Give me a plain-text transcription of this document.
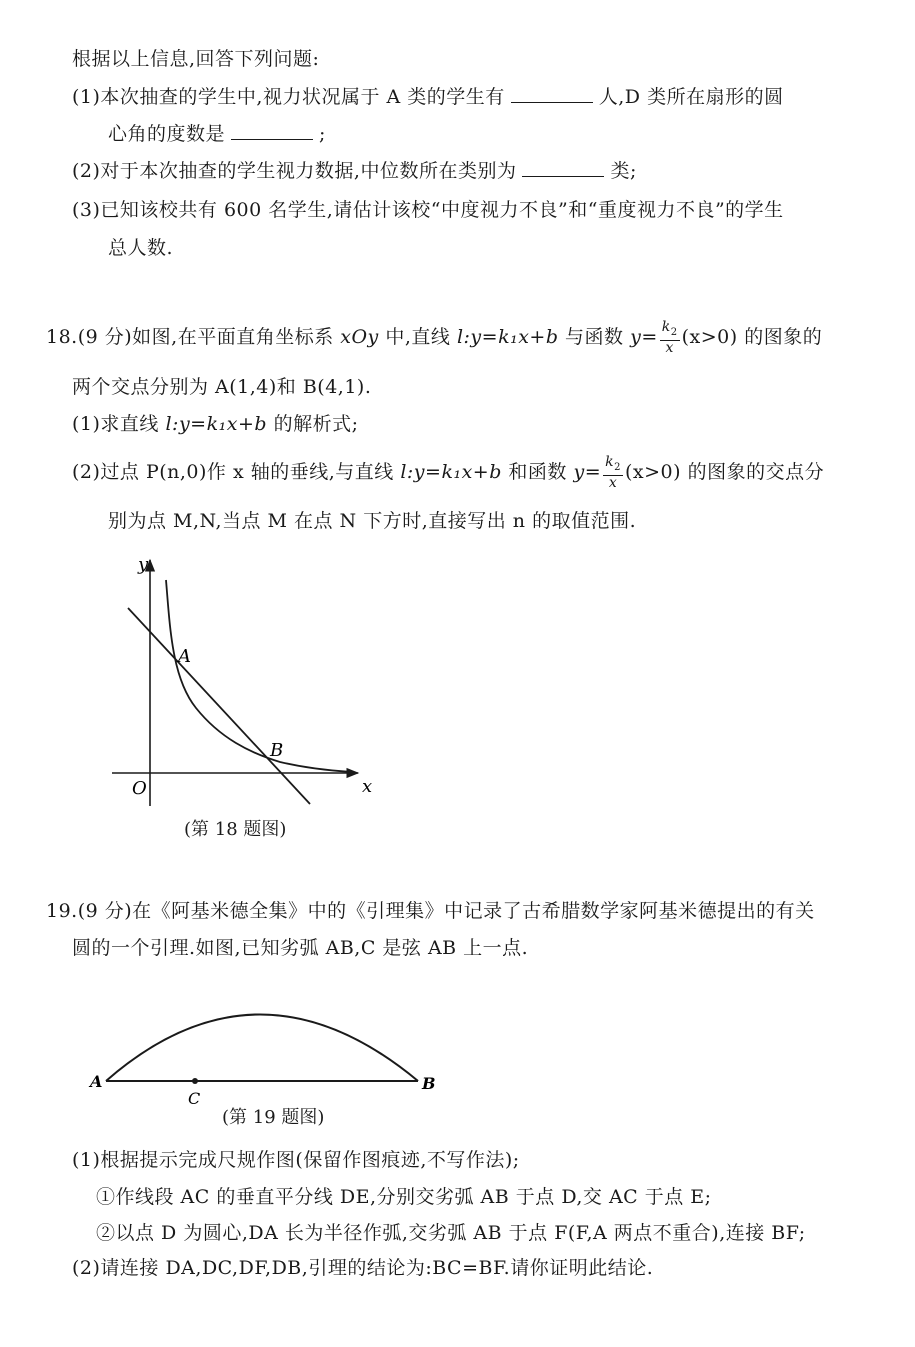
根据以上信息,回答下列问题:
(1)本次抽查的学生中,视力状况属于 A 类的学生有	人,D 类所在扇形的圆
心角的度数是	;
(2)对于本次抽查的学生视力数据,中位数所在类别为	类;
(3)已知该校共有 600 名学生,请估计该校“中度视力不良”和“重度视力不良”的学生
总人数.
18.(9 分)如图,在平面直角坐标系 xOy 中,直线 l:y=k₁x+b 与函数 $y= \frac{k_2}{x} (x>0)$ 的图象的
两个交点分别为 A(1,4)和 B(4,1).
(1)求直线 l:y=k₁x+b 的解析式;
(2)过点 P(n,0)作 x 轴的垂线,与直线 l:y=k₁x+b 和函数 $y= \frac{k_2}{x} (x>0)$ 的图象的交点分
别为点 M,N,当点 M 在点 N 下方时,直接写出 n 的取值范围.
y
x
O
A
B
(第 18 题图)
19.(9 分)在《阿基米德全集》中的《引理集》中记录了古希腊数学家阿基米德提出的有关
圆的一个引理.如图,已知劣弧 AB,C 是弦 AB 上一点.
A	B
C
(第 19 题图)
(1)根据提示完成尺规作图(保留作图痕迹,不写作法);
①作线段 AC 的垂直平分线 DE,分别交劣弧 AB 于点 D,交 AC 于点 E;
②以点 D 为圆心,DA 长为半径作弧,交劣弧 AB 于点 F(F,A 两点不重合),连接 BF;
(2)请连接 DA,DC,DF,DB,引理的结论为:BC=BF.请你证明此结论.
